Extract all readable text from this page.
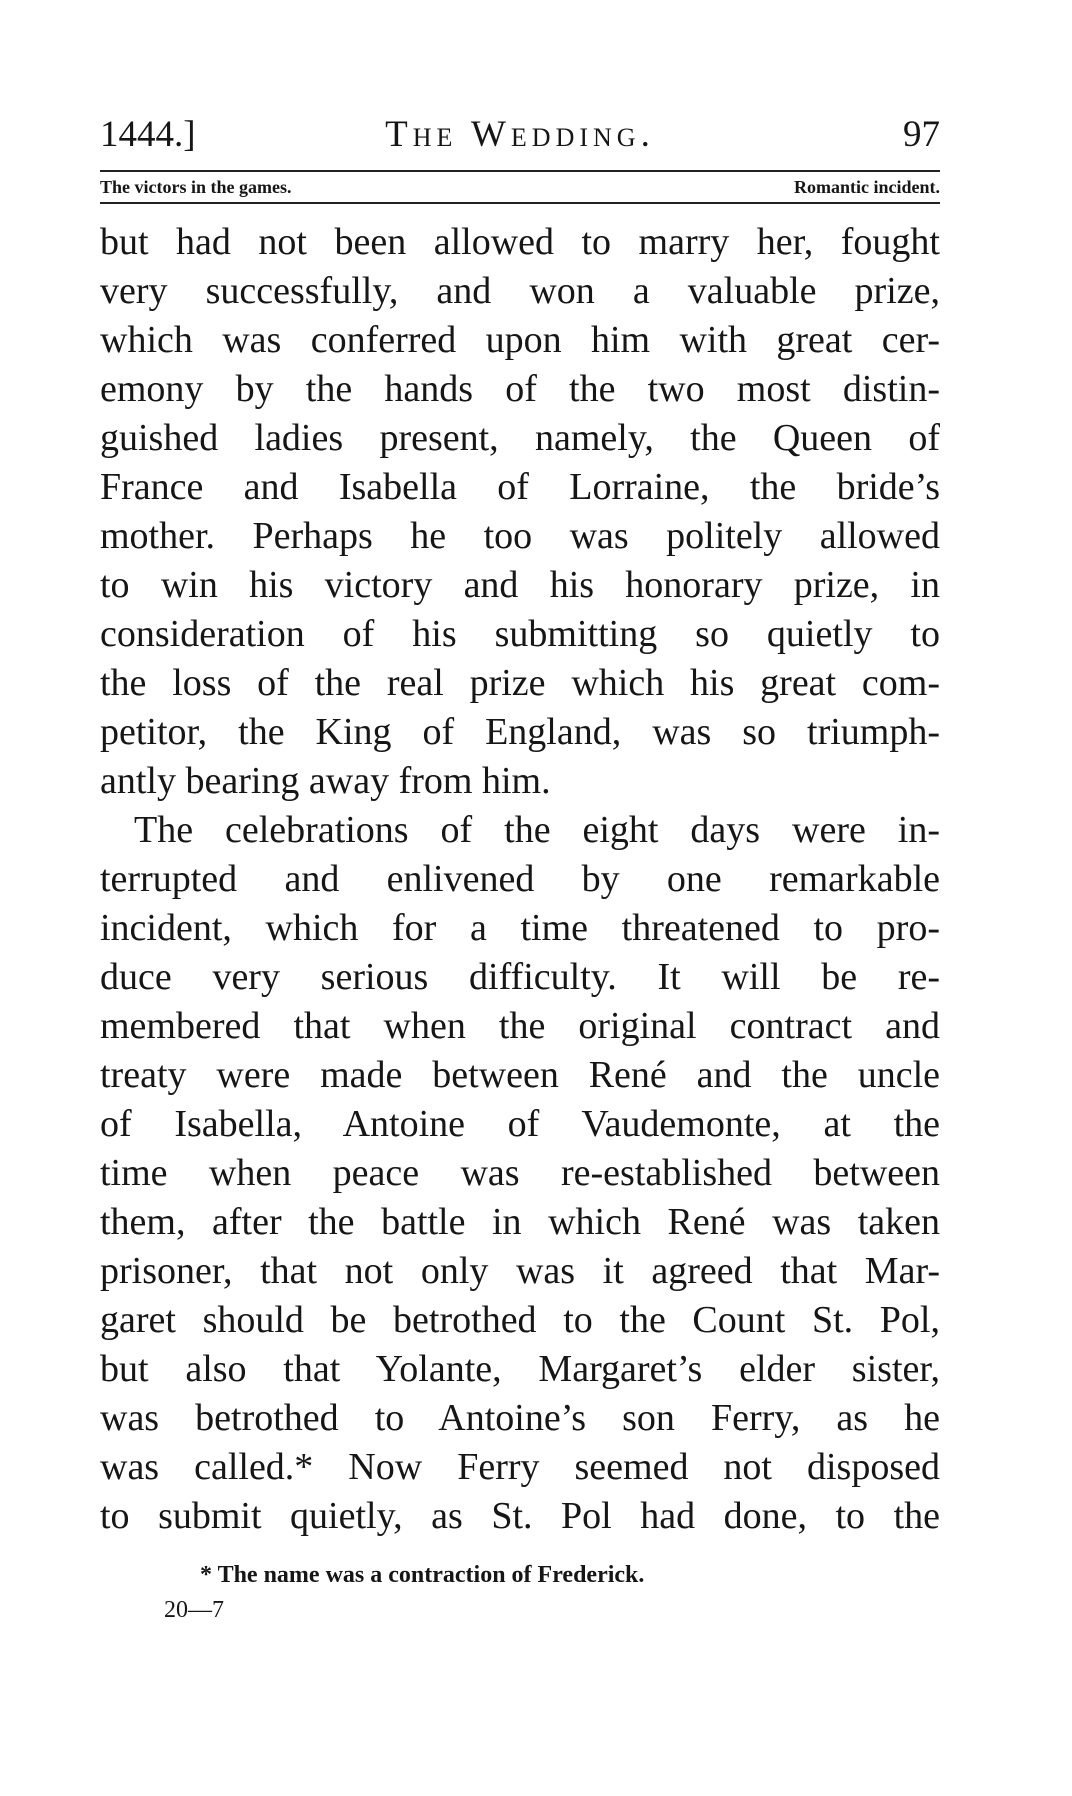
1444.]	The Wedding.	97
The victors in the games.	Romantic incident.
but had not been allowed to marry her, fought
very successfully, and won a valuable prize,
which was conferred upon him with great cer-
emony by the hands of the two most distin-
guished ladies present, namely, the Queen of
France and Isabella of Lorraine, the bride’s
mother. Perhaps he too was politely allowed
to win his victory and his honorary prize, in
consideration of his submitting so quietly to
the loss of the real prize which his great com-
petitor, the King of England, was so triumph-
antly bearing away from him.
The celebrations of the eight days were in-
terrupted and enlivened by one remarkable
incident, which for a time threatened to pro-
duce very serious difficulty. It will be re-
membered that when the original contract and
treaty were made between René and the uncle
of Isabella, Antoine of Vaudemonte, at the
time when peace was re-established between
them, after the battle in which René was taken
prisoner, that not only was it agreed that Mar-
garet should be betrothed to the Count St. Pol,
but also that Yolante, Margaret’s elder sister,
was betrothed to Antoine’s son Ferry, as he
was called.* Now Ferry seemed not disposed
to submit quietly, as St. Pol had done, to the
* The name was a contraction of Frederick.
20—7
